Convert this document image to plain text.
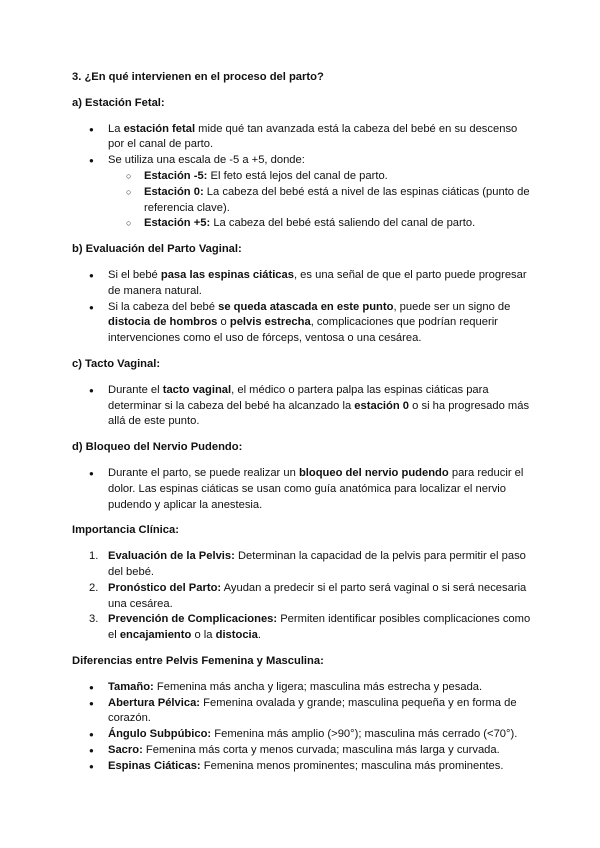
3. ¿En qué intervienen en el proceso del parto?

a) Estación Fetal:

● La estación fetal mide qué tan avanzada está la cabeza del bebé en su descenso por el canal de parto.
● Se utiliza una escala de -5 a +5, donde:
○ Estación -5: El feto está lejos del canal de parto.
○ Estación 0: La cabeza del bebé está a nivel de las espinas ciáticas (punto de referencia clave).
○ Estación +5: La cabeza del bebé está saliendo del canal de parto.

b) Evaluación del Parto Vaginal:

● Si el bebé pasa las espinas ciáticas, es una señal de que el parto puede progresar de manera natural.
● Si la cabeza del bebé se queda atascada en este punto, puede ser un signo de distocia de hombros o pelvis estrecha, complicaciones que podrían requerir intervenciones como el uso de fórceps, ventosa o una cesárea.

c) Tacto Vaginal:

● Durante el tacto vaginal, el médico o partera palpa las espinas ciáticas para determinar si la cabeza del bebé ha alcanzado la estación 0 o si ha progresado más allá de este punto.

d) Bloqueo del Nervio Pudendo:

● Durante el parto, se puede realizar un bloqueo del nervio pudendo para reducir el dolor. Las espinas ciáticas se usan como guía anatómica para localizar el nervio pudendo y aplicar la anestesia.

Importancia Clínica:

1. Evaluación de la Pelvis: Determinan la capacidad de la pelvis para permitir el paso del bebé.
2. Pronóstico del Parto: Ayudan a predecir si el parto será vaginal o si será necesaria una cesárea.
3. Prevención de Complicaciones: Permiten identificar posibles complicaciones como el encajamiento o la distocia.

Diferencias entre Pelvis Femenina y Masculina:

● Tamaño: Femenina más ancha y ligera; masculina más estrecha y pesada.
● Abertura Pélvica: Femenina ovalada y grande; masculina pequeña y en forma de corazón.
● Ángulo Subpúbico: Femenina más amplio (>90°); masculina más cerrado (<70°).
● Sacro: Femenina más corta y menos curvada; masculina más larga y curvada.
● Espinas Ciáticas: Femenina menos prominentes; masculina más prominentes.
